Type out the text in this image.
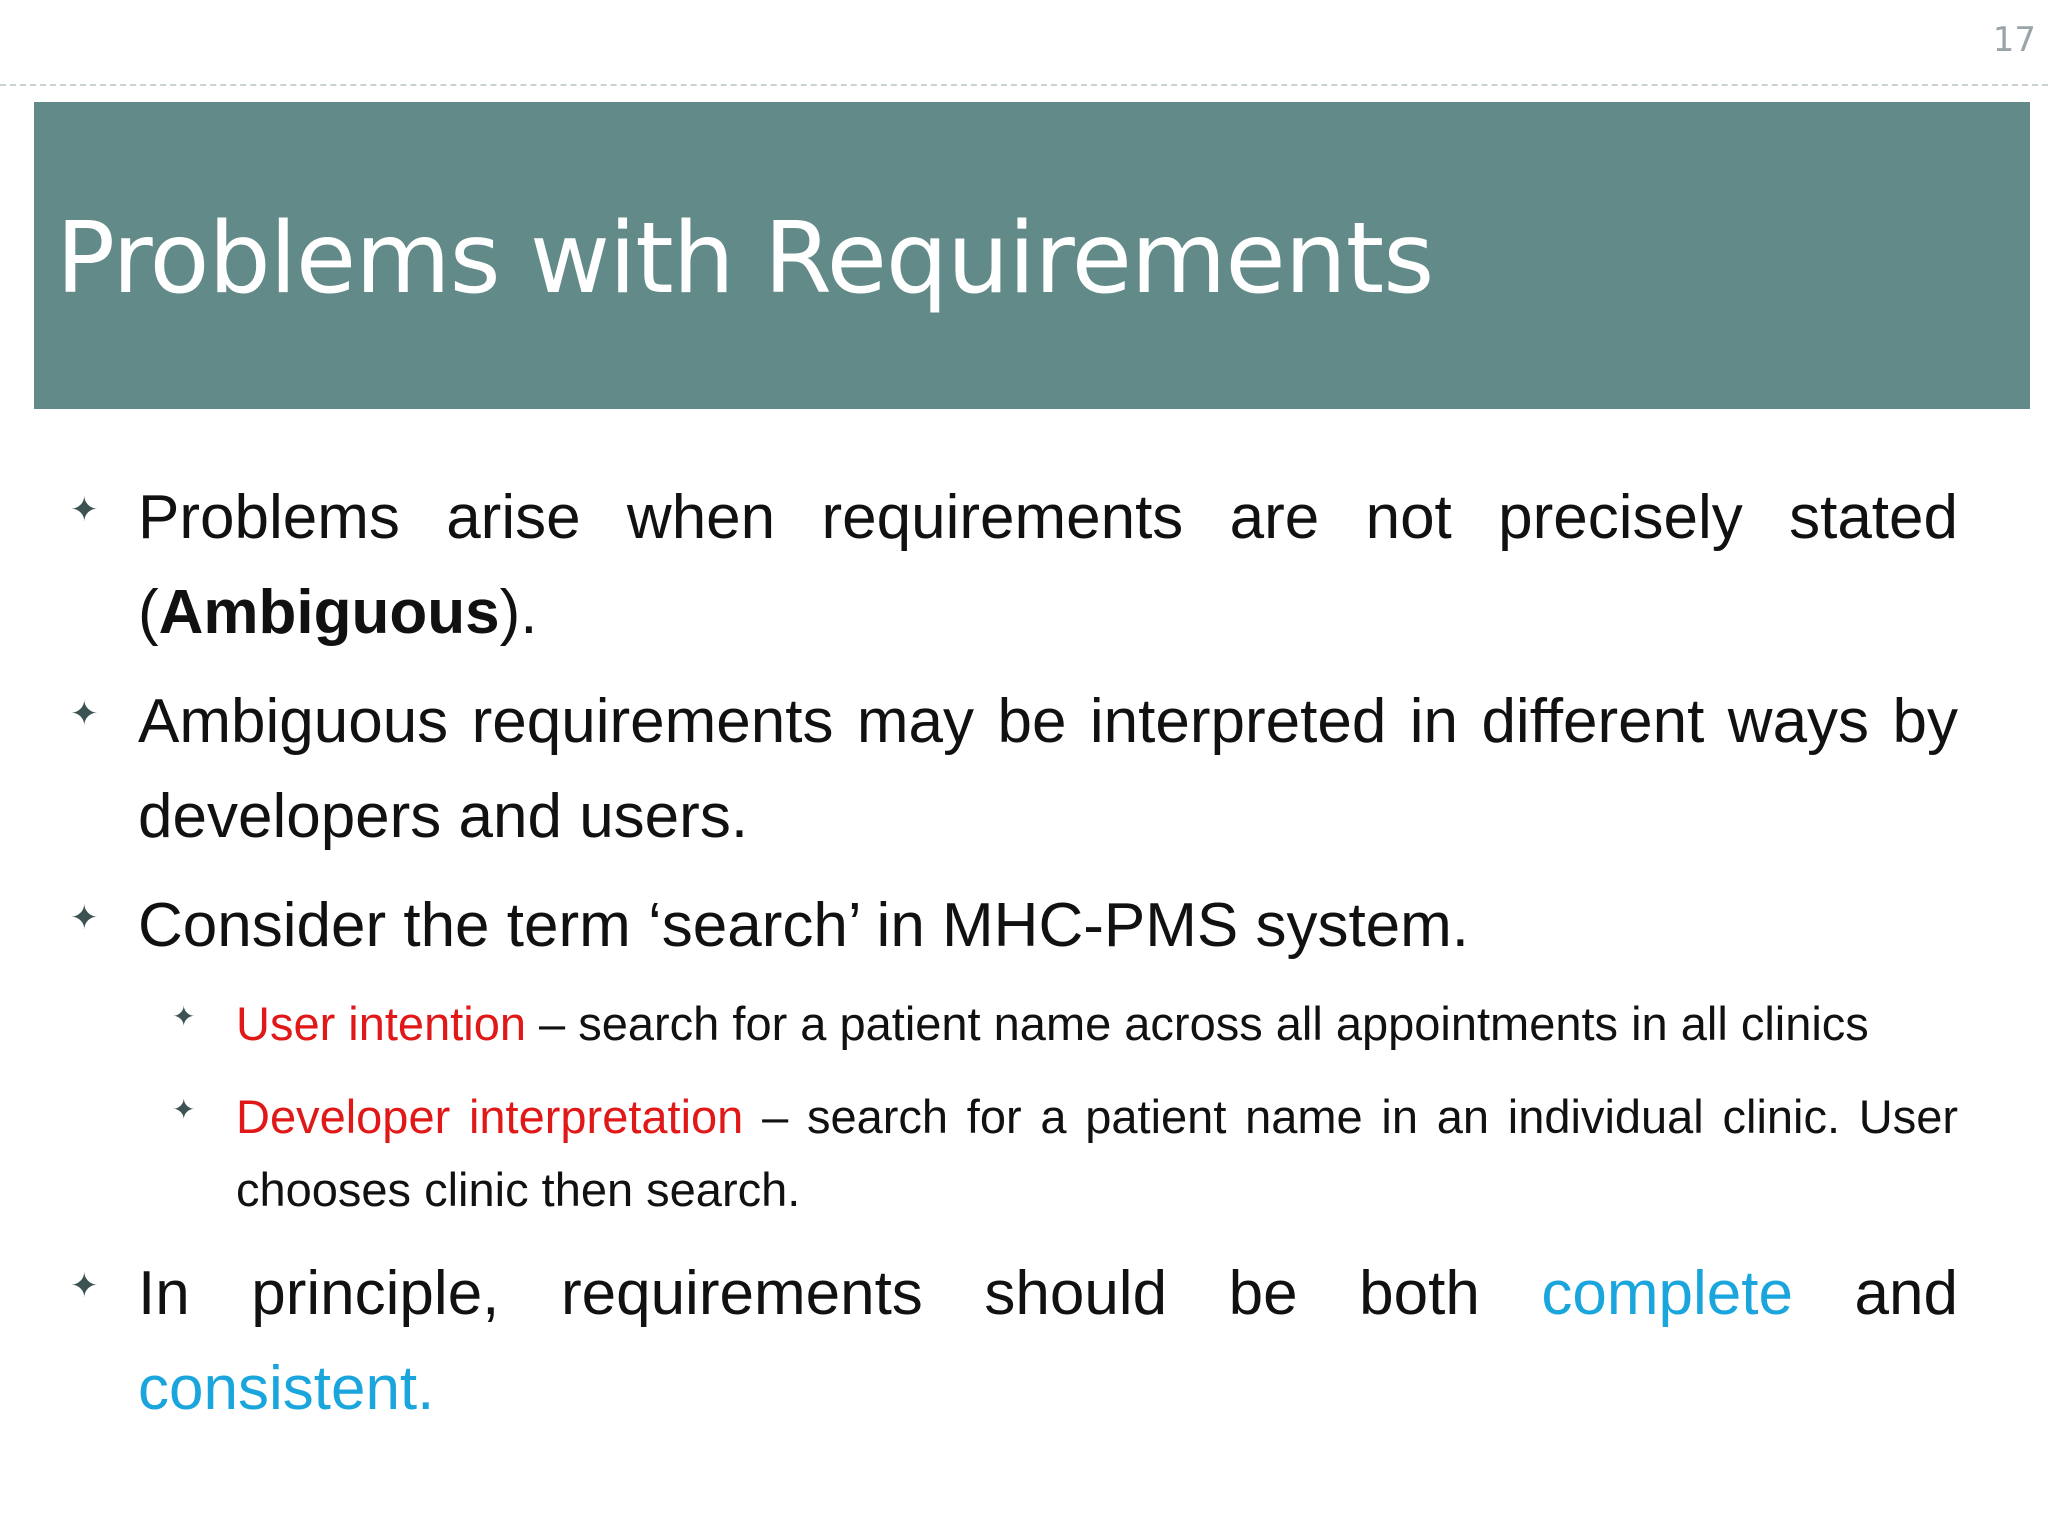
17
Problems with Requirements

✦ Problems arise when requirements are not precisely stated (Ambiguous).

✦ Ambiguous requirements may be interpreted in different ways by developers and users.

✦ Consider the term ‘search’ in MHC-PMS system.

✦ User intention – search for a patient name across all appointments in all clinics

✦ Developer interpretation – search for a patient name in an individual clinic. User chooses clinic then search.

✦ In principle, requirements should be both complete and consistent.
